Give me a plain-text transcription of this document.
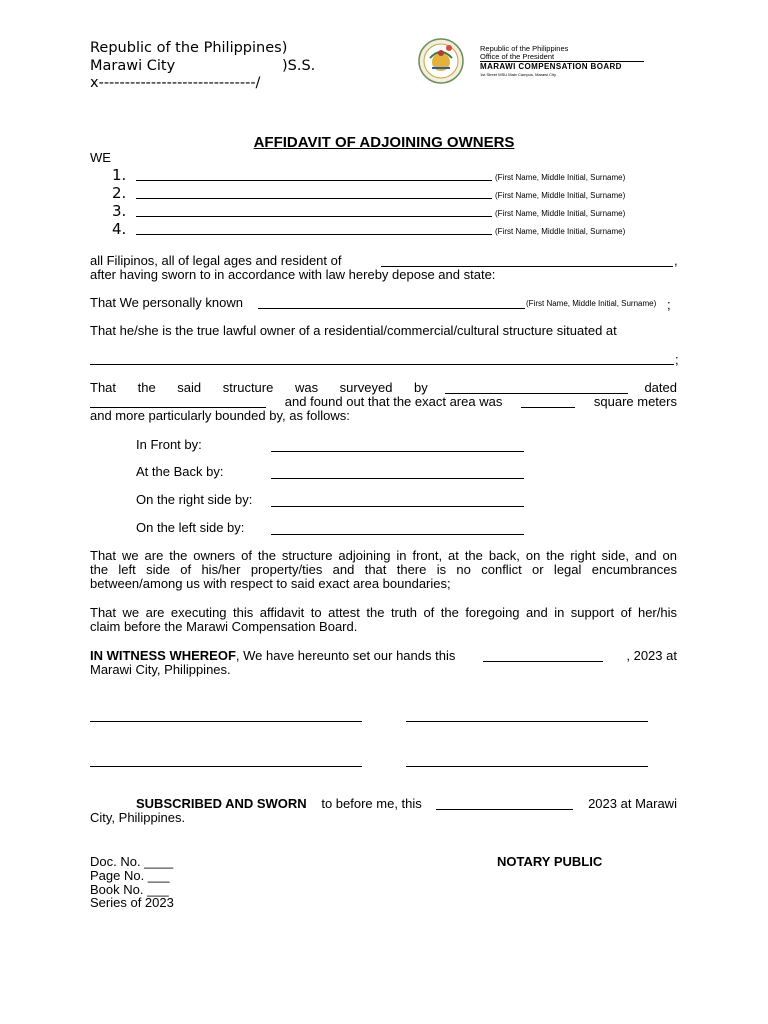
Republic of the Philippines)
Marawi City	)S.S.
x------------------------------/
Republic of the Philippines
Office of the President
MARAWI COMPENSATION BOARD
1st Street MSU Main Campus, Marawi City
AFFIDAVIT OF ADJOINING OWNERS
WE
1.	(First Name, Middle Initial, Surname)
2.	(First Name, Middle Initial, Surname)
3.	(First Name, Middle Initial, Surname)
4.	(First Name, Middle Initial, Surname)
all Filipinos, all of legal ages and resident of	,
after having sworn to in accordance with law hereby depose and state:
That We personally known	(First Name, Middle Initial, Surname) ;
That he/she is the true lawful owner of a residential/commercial/cultural structure situated at
;
That the said structure was surveyed by	dated
and found out that the exact area was	square meters
and more particularly bounded by, as follows:
In Front by:
At the Back by:
On the right side by:
On the left side by:
That we are the owners of the structure adjoining in front, at the back, on the right side, and on
the left side of his/her property/ties and that there is no conflict or legal encumbrances
between/among us with respect to said exact area boundaries;
That we are executing this affidavit to attest the truth of the foregoing and in support of her/his
claim before the Marawi Compensation Board.
IN WITNESS WHEREOF, We have hereunto set our hands this	, 2023 at
Marawi City, Philippines.
SUBSCRIBED AND SWORN to before me, this	2023 at Marawi
City, Philippines.
Doc. No. ____
Page No. ___
Book No. ___
Series of 2023
NOTARY PUBLIC
